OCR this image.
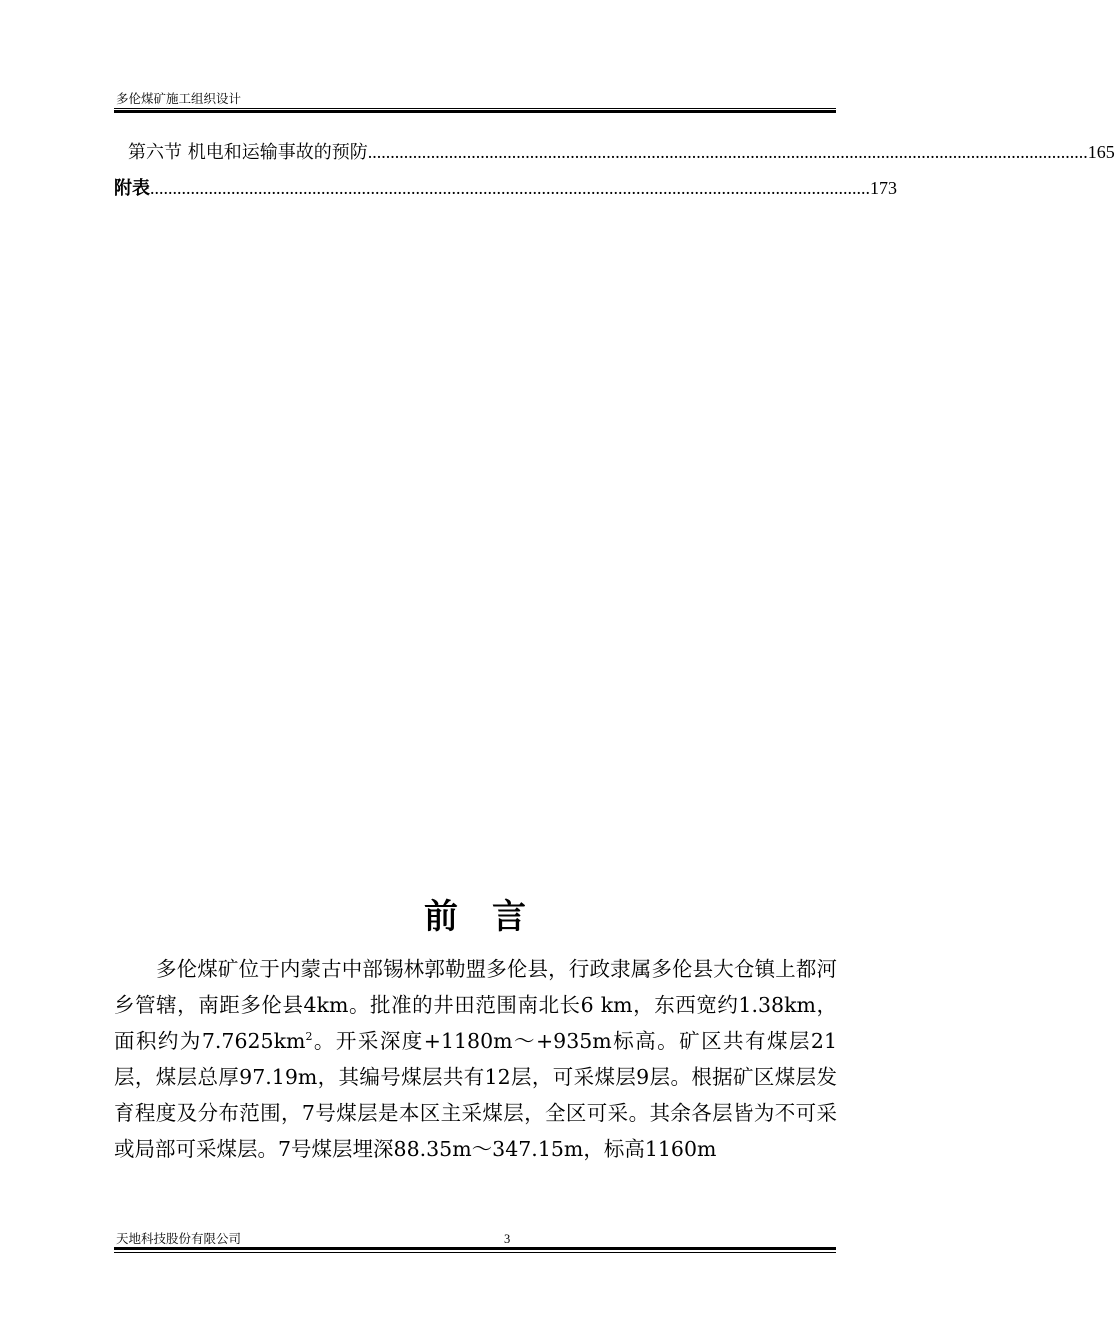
多伦煤矿施工组织设计
第六节 机电和运输事故的预防 ................................................................................................................................................................ 165
附表 ................................................................................................................................................................ 173
前言

多伦煤矿位于内蒙古中部锡林郭勒盟多伦县，行政隶属多伦县大仓镇上都河乡管辖，南距多伦县4km。批准的井田范围南北长6 km，东西宽约1.38km，面积约为$7.7625km^2$。开采深度+1180m～+935m标高。矿区共有煤层21层，煤层总厚97.19m，其编号煤层共有12层，可采煤层9层。根据矿区煤层发育程度及分布范围，7号煤层是本区主采煤层，全区可采。其余各层皆为不可采或局部可采煤层。7号煤层埋深88.35m～347.15m，标高1160m

天地科技股份有限公司	3
